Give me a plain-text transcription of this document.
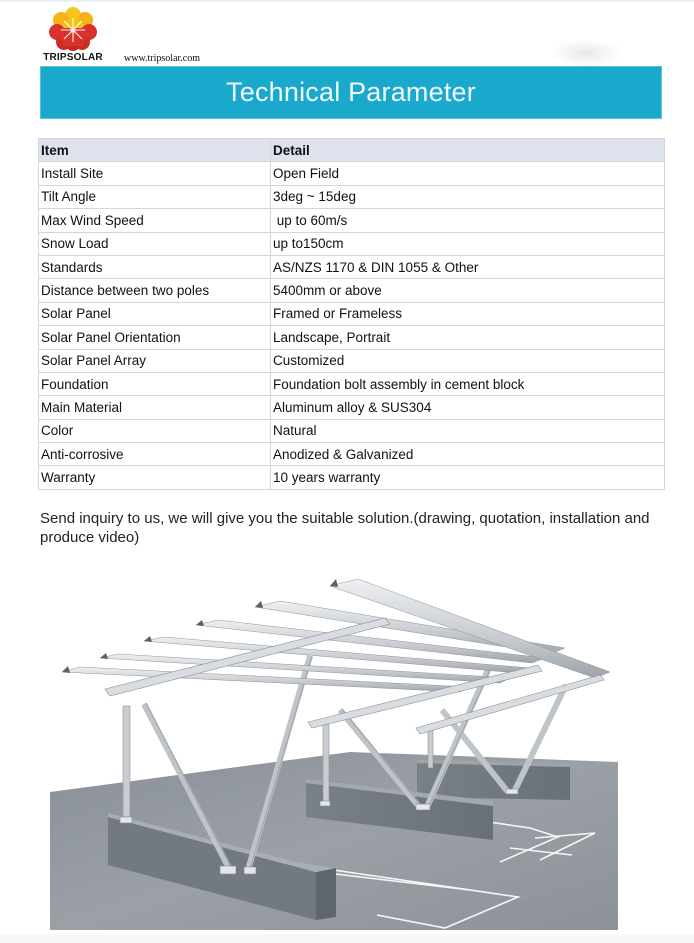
TRIPSOLAR	www.tripsolar.com
Technical Parameter
Item	Detail
Install Site	Open Field
Tilt Angle	3deg ~ 15deg
Max Wind Speed	up to 60m/s
Snow Load	up to150cm
Standards	AS/NZS 1170 & DIN 1055 & Other
Distance between two poles	5400mm or above
Solar Panel	Framed or Frameless
Solar Panel Orientation	Landscape, Portrait
Solar Panel Array	Customized
Foundation	Foundation bolt assembly in cement block
Main Material	Aluminum alloy & SUS304
Color	Natural
Anti-corrosive	Anodized & Galvanized
Warranty	10 years warranty

Send inquiry to us, we will give you the suitable solution.(drawing, quotation, installation and produce video)
